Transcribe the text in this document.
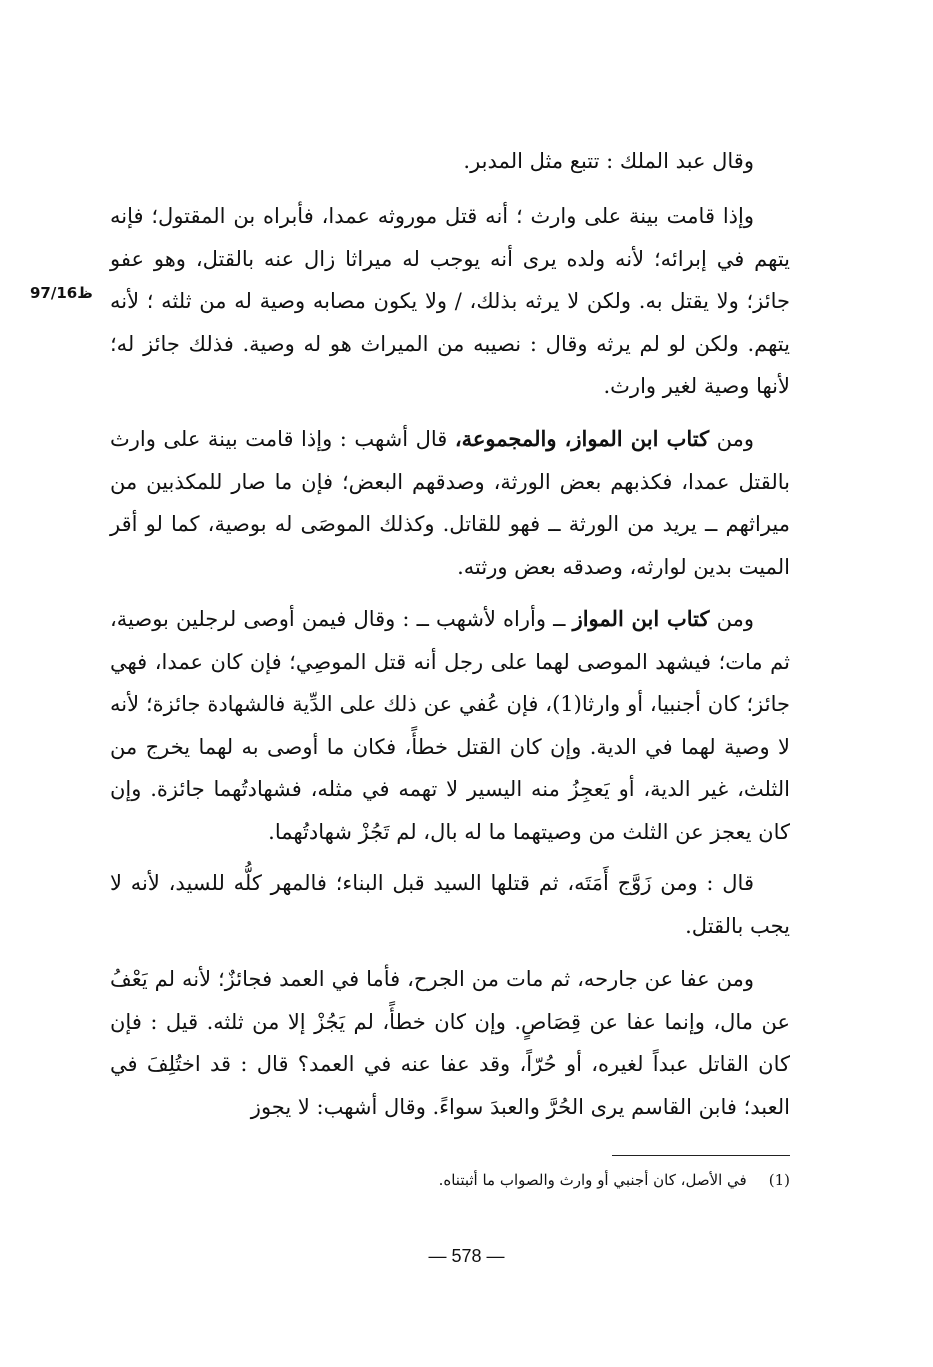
97/16ظ

وقال عبد الملك : تتبع مثل المدبر.

وإذا قامت بينة على وارث ؛ أنه قتل موروثه عمدا، فأبراه بن المقتول؛ فإنه يتهم في إبرائه؛ لأنه ولده يرى أنه يوجب له ميراثا زال عنه بالقتل، وهو عفو جائز؛ ولا يقتل به. ولكن لا يرثه بذلك، / ولا يكون مصابه وصية له من ثلثه ؛ لأنه يتهم. ولكن لو لم يرثه وقال : نصيبه من الميراث هو له وصية. فذلك جائز له؛ لأنها وصية لغير وارث.

ومن كتاب ابن المواز، والمجموعة، قال أشهب : وإذا قامت بينة على وارث بالقتل عمدا، فكذبهم بعض الورثة، وصدقهم البعض؛ فإن ما صار للمكذبين من ميراثهم ــ يريد من الورثة ــ فهو للقاتل. وكذلك الموصَى له بوصية، كما لو أقر الميت بدين لوارثه، وصدقه بعض ورثته.

ومن كتاب ابن المواز ــ وأراه لأشهب ــ : وقال فيمن أوصى لرجلين بوصية، ثم مات؛ فيشهد الموصى لهما على رجل أنه قتل الموصِي؛ فإن كان عمدا، فهي جائز؛ كان أجنبيا، أو وارثا(1)، فإن عُفي عن ذلك على الدِّية فالشهادة جائزة؛ لأنه لا وصية لهما في الدية. وإن كان القتل خطأً، فكان ما أوصى به لهما يخرج من الثلث، غير الدية، أو يَعجِزُ منه اليسير لا تهمه في مثله، فشهادتُهما جائزة. وإن كان يعجز عن الثلث من وصيتهما ما له بال، لم تَجُزْ شهادتُهما.

قال : ومن زَوَّج أَمَتَه، ثم قتلها السيد قبل البناء؛ فالمهر كلُّه للسيد، لأنه لا يجب بالقتل.

ومن عفا عن جارحه، ثم مات من الجرح، فأما في العمد فجائزٌ؛ لأنه لم يَعْفُ عن مال، وإنما عفا عن قِصَاصٍ. وإن كان خطأً، لم يَجُزْ إلا من ثلثه. قيل : فإن كان القاتل عبداً لغيره، أو حُرّاً، وقد عفا عنه في العمد؟ قال : قد اختُلِفَ في العبد؛ فابن القاسم يرى الحُرَّ والعبدَ سواءً. وقال أشهب: لا يجوز

(1)في الأصل، كان أجنبي أو وارث والصواب ما أثبتناه.
— 578 —
